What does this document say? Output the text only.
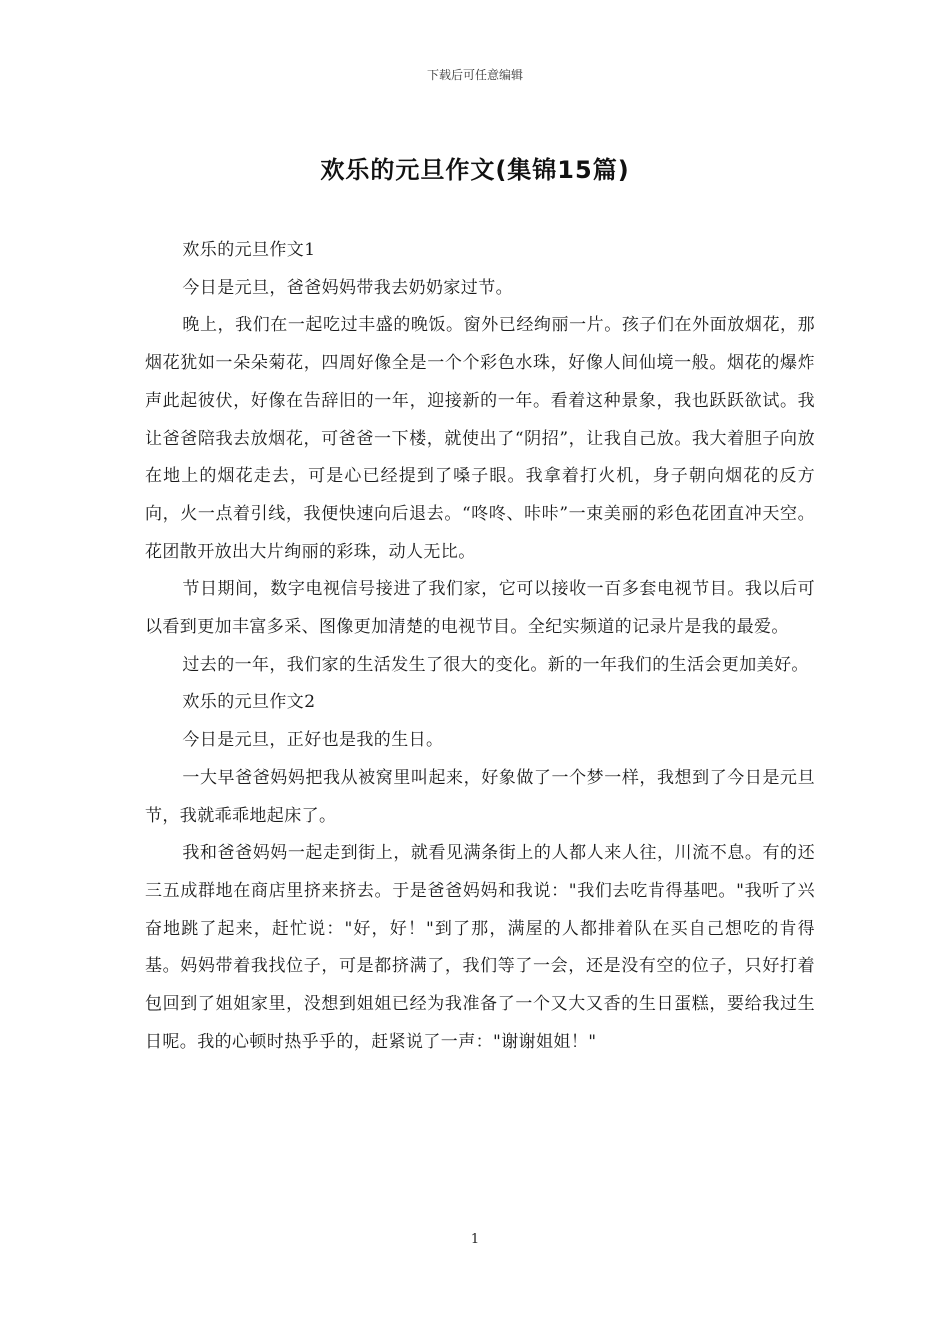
下载后可任意编辑
欢乐的元旦作文(集锦15篇)

欢乐的元旦作文1

今日是元旦，爸爸妈妈带我去奶奶家过节。

晚上，我们在一起吃过丰盛的晚饭。窗外已经绚丽一片。孩子们在外面放烟花，那烟花犹如一朵朵菊花，四周好像全是一个个彩色水珠，好像人间仙境一般。烟花的爆炸声此起彼伏，好像在告辞旧的一年，迎接新的一年。看着这种景象，我也跃跃欲试。我让爸爸陪我去放烟花，可爸爸一下楼，就使出了“阴招”，让我自己放。我大着胆子向放在地上的烟花走去，可是心已经提到了嗓子眼。我拿着打火机，身子朝向烟花的反方向，火一点着引线，我便快速向后退去。“咚咚、咔咔”一束美丽的彩色花团直冲天空。花团散开放出大片绚丽的彩珠，动人无比。

节日期间，数字电视信号接进了我们家，它可以接收一百多套电视节目。我以后可以看到更加丰富多采、图像更加清楚的电视节目。全纪实频道的记录片是我的最爱。

过去的一年，我们家的生活发生了很大的变化。新的一年我们的生活会更加美好。

欢乐的元旦作文2

今日是元旦，正好也是我的生日。

一大早爸爸妈妈把我从被窝里叫起来，好象做了一个梦一样，我想到了今日是元旦节，我就乖乖地起床了。

我和爸爸妈妈一起走到街上，就看见满条街上的人都人来人往，川流不息。有的还三五成群地在商店里挤来挤去。于是爸爸妈妈和我说："我们去吃肯得基吧。"我听了兴奋地跳了起来，赶忙说："好，好！"到了那，满屋的人都排着队在买自己想吃的肯得基。妈妈带着我找位子，可是都挤满了，我们等了一会，还是没有空的位子，只好打着包回到了姐姐家里，没想到姐姐已经为我准备了一个又大又香的生日蛋糕，要给我过生日呢。我的心顿时热乎乎的，赶紧说了一声："谢谢姐姐！"

1
